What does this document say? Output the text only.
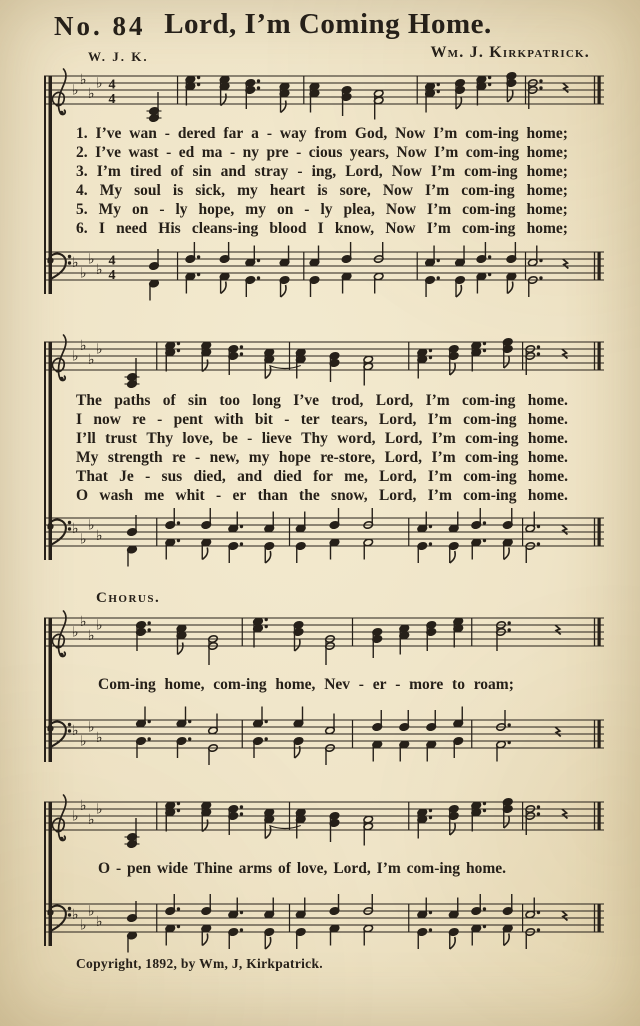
No. 84 Lord, I’m Coming Home.
W. J. K.	Wm. J. Kirkpatrick.
♭
♭
♭
♭ 4
4
♭
♭
♭
♭
4
4
♭
♭
♭
♭
♭
♭
♭
♭
♭
♭
♭
♭
♭
♭
♭
♭
♭
♭
♭
♭
♭
♭
♭
♭
1. I’ve wan - dered far a - way from God, Now I’m com-ing home;
2. I’ve wast - ed ma - ny pre - cious years, Now I’m com-ing home;
3. I’m tired of sin and stray - ing, Lord, Now I’m com-ing home;
4. My soul is sick, my heart is sore, Now I’m com-ing home;
5. My on - ly hope, my on - ly plea, Now I’m com-ing home;
6. I need His cleans-ing blood I know, Now I’m com-ing home;
The paths of sin too long I’ve trod, Lord, I’m com-ing home.
I now re - pent with bit - ter tears, Lord, I’m com-ing home.
I’ll trust Thy love, be - lieve Thy word, Lord, I’m com-ing home.
My strength re - new, my hope re-store, Lord, I’m com-ing home.
That Je - sus died, and died for me, Lord, I’m com-ing home.
O wash me whit - er than the snow, Lord, I’m com-ing home.
Chorus.
Com-ing home, com-ing home, Nev - er - more to roam;
O - pen wide Thine arms of love, Lord, I’m com-ing home.
Copyright, 1892, by Wm, J, Kirkpatrick.
